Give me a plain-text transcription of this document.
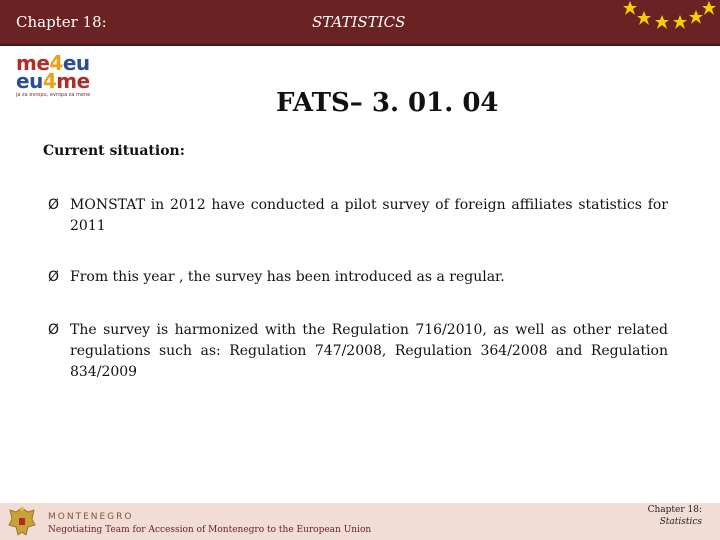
Chapter 18:	STATISTICS
me4eu
eu4me
ja za evropu, evropa za mene	FATS– 3. 01. 04
Current situation:
Ø MONSTAT in 2012 have conducted a pilot survey of foreign affiliates statistics for 2011
Ø From this year , the survey has been introduced as a regular.
Ø The survey is harmonized with the Regulation 716/2010, as well as other related regulations such as: Regulation 747/2008, Regulation 364/2008 and Regulation 834/2009
MONTENEGRO
Negotiating Team for Accession of Montenegro to the European Union
Chapter 18:
Statistics
